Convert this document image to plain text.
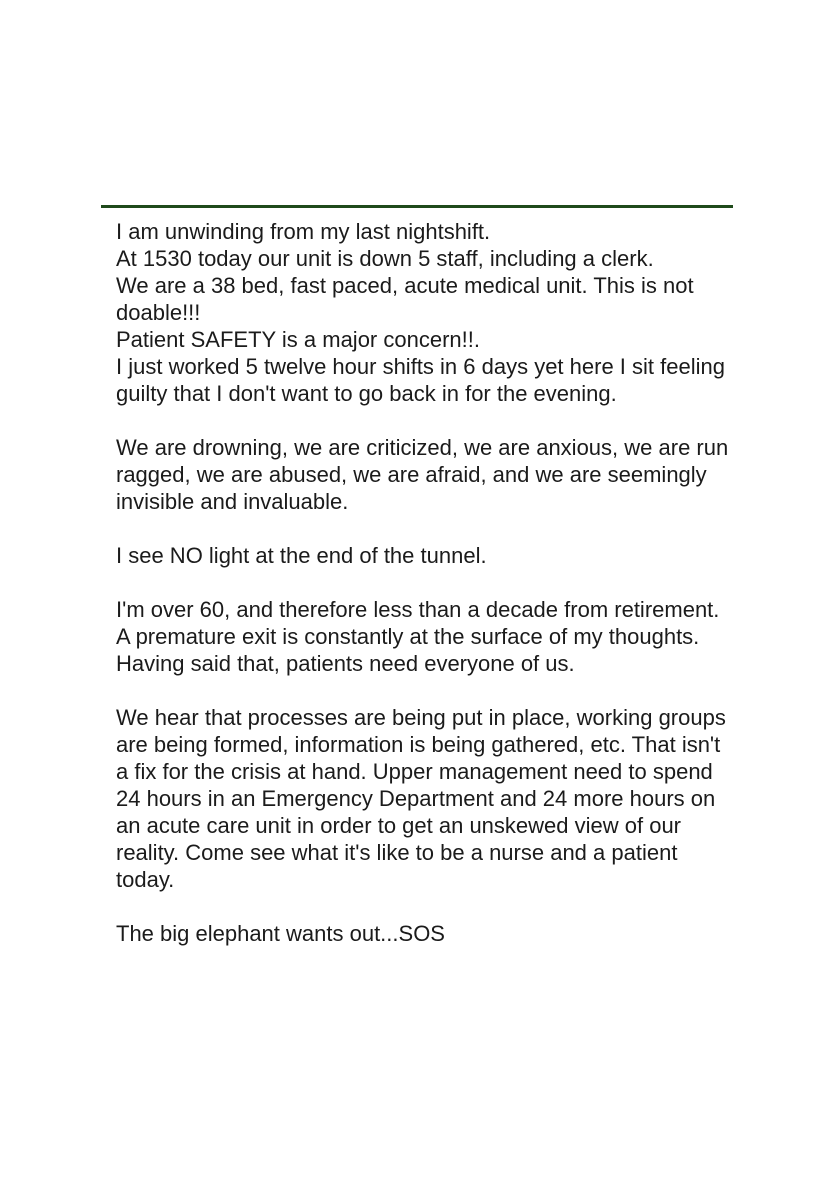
I am unwinding from my last nightshift.

At 1530 today our unit is down 5 staff, including a clerk.

We are a 38 bed, fast paced, acute medical unit. This is not doable!!!

Patient SAFETY is a major concern!!.

I just worked 5 twelve hour shifts in 6 days yet here I sit feeling guilty that I don't want to go back in for the evening.

We are drowning, we are criticized, we are anxious, we are run ragged, we are abused, we are afraid, and we are seemingly invisible and invaluable.

I see NO light at the end of the tunnel.

I'm over 60, and therefore less than a decade from retirement. A premature exit is constantly at the surface of my thoughts. Having said that, patients need everyone of us.

We hear that processes are being put in place, working groups are being formed, information is being gathered, etc. That isn't a fix for the crisis at hand. Upper management need to spend 24 hours in an Emergency Department and 24 more hours on an acute care unit in order to get an unskewed view of our reality. Come see what it's like to be a nurse and a patient today.

The big elephant wants out...SOS
